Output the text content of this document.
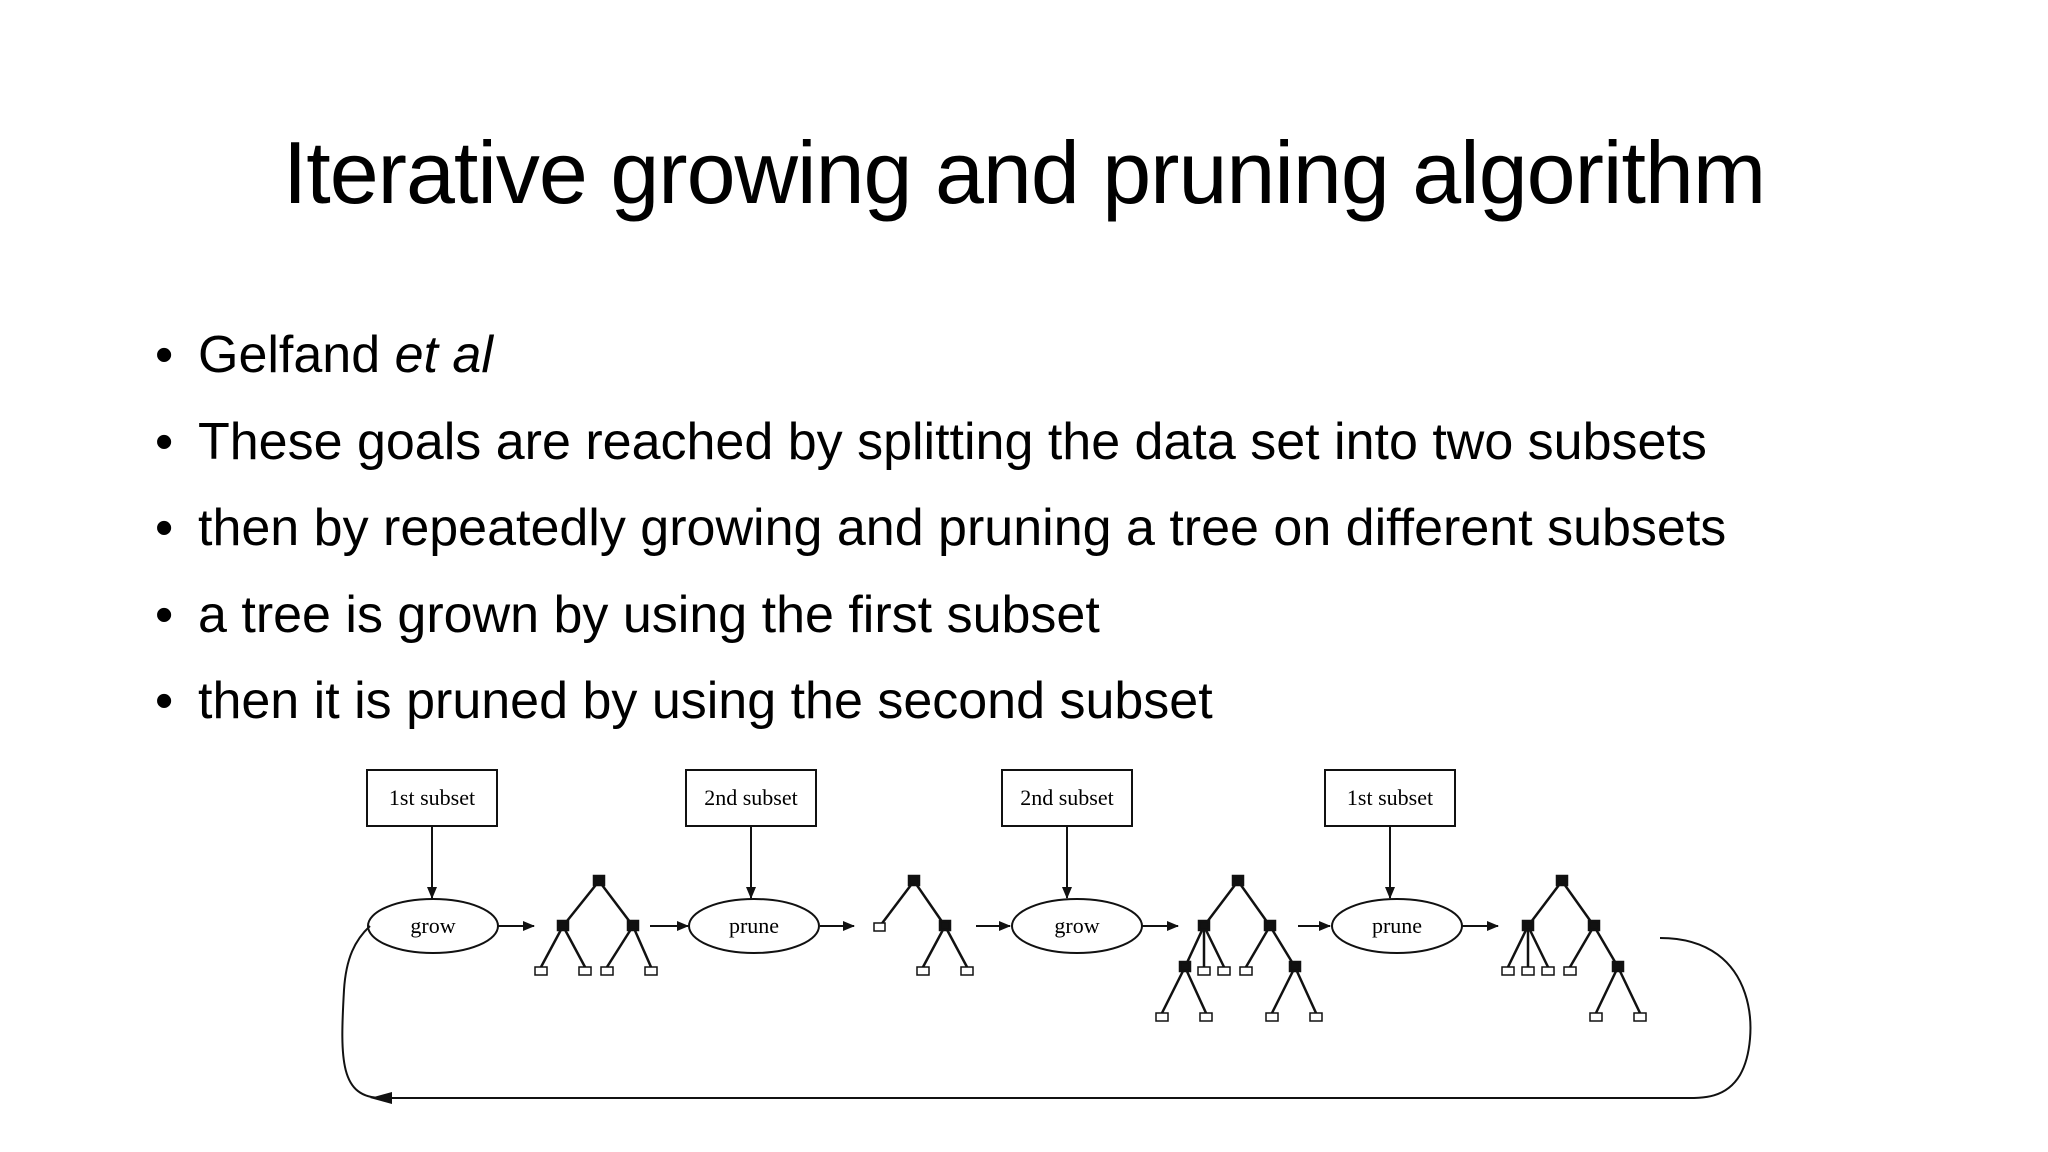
Iterative growing and pruning algorithm
• Gelfand et al
• These goals are reached by splitting the data set into two subsets
• then by repeatedly growing and pruning a tree on different subsets
• a tree is grown by using the first subset
• then it is pruned by using the second subset
1st subset	2nd subset	2nd subset	1st subset
grow	prune	grow	prune
